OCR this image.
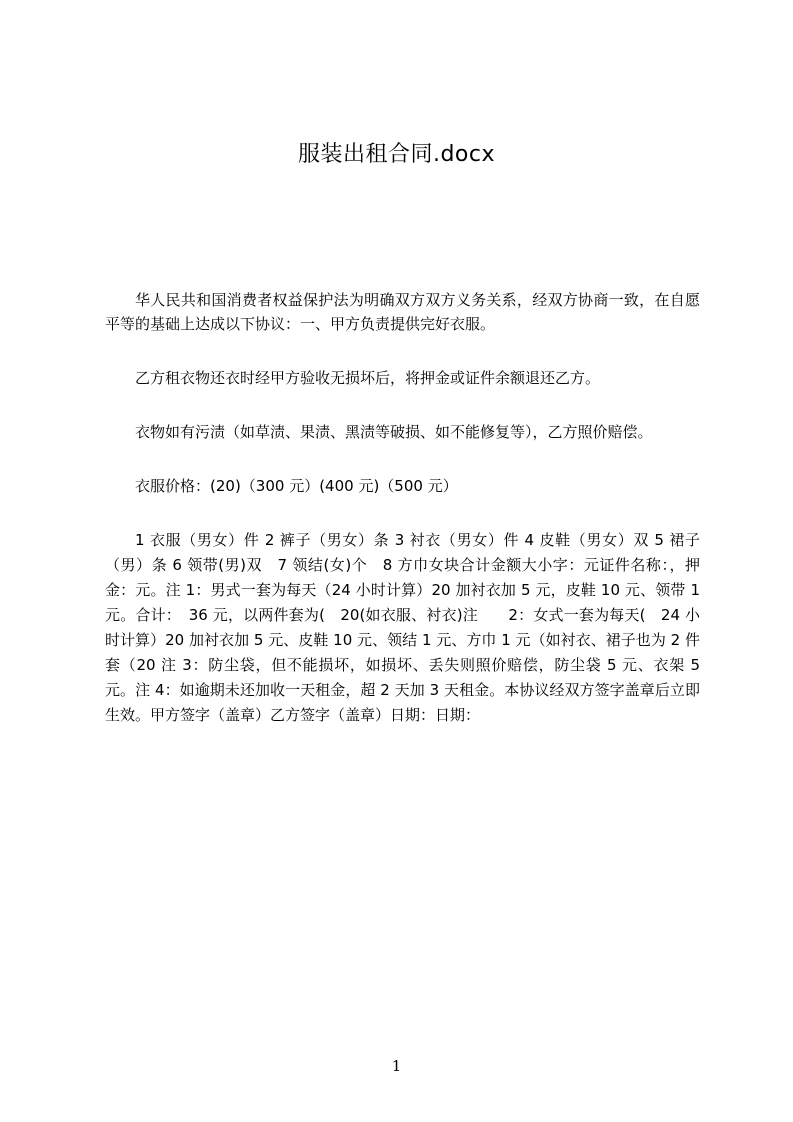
服装出租合同.docx

华人民共和国消费者权益保护法为明确双方双方义务关系，经双方协商一致，在自愿平等的基础上达成以下协议：一、甲方负责提供完好衣服。

乙方租衣物还衣时经甲方验收无损坏后，将押金或证件余额退还乙方。

衣物如有污渍（如草渍、果渍、黑渍等破损、如不能修复等），乙方照价赔偿。

衣服价格：(20)（300 元）(400 元)（500 元）

1 衣服（男女）件 2 裤子（男女）条 3 衬衣（男女）件 4 皮鞋（男女）双 5 裙子（男）条 6 领带(男)双　7 领结(女)个　8 方巾女块合计金额大小字：元证件名称：，押金：元。注 1：男式一套为每天（24 小时计算）20 加衬衣加 5 元，皮鞋 10 元、领带 1 元。合计：　36 元，以两件套为(　20(如衣服、衬衣)注　　2：女式一套为每天(　24 小时计算）20 加衬衣加 5 元、皮鞋 10 元、领结 1 元、方巾 1 元（如衬衣、裙子也为 2 件套（20 注 3：防尘袋，但不能损坏，如损坏、丢失则照价赔偿，防尘袋 5 元、衣架 5 元。注 4：如逾期未还加收一天租金，超 2 天加 3 天租金。本协议经双方签字盖章后立即生效。甲方签字（盖章）乙方签字（盖章）日期：日期：

1
